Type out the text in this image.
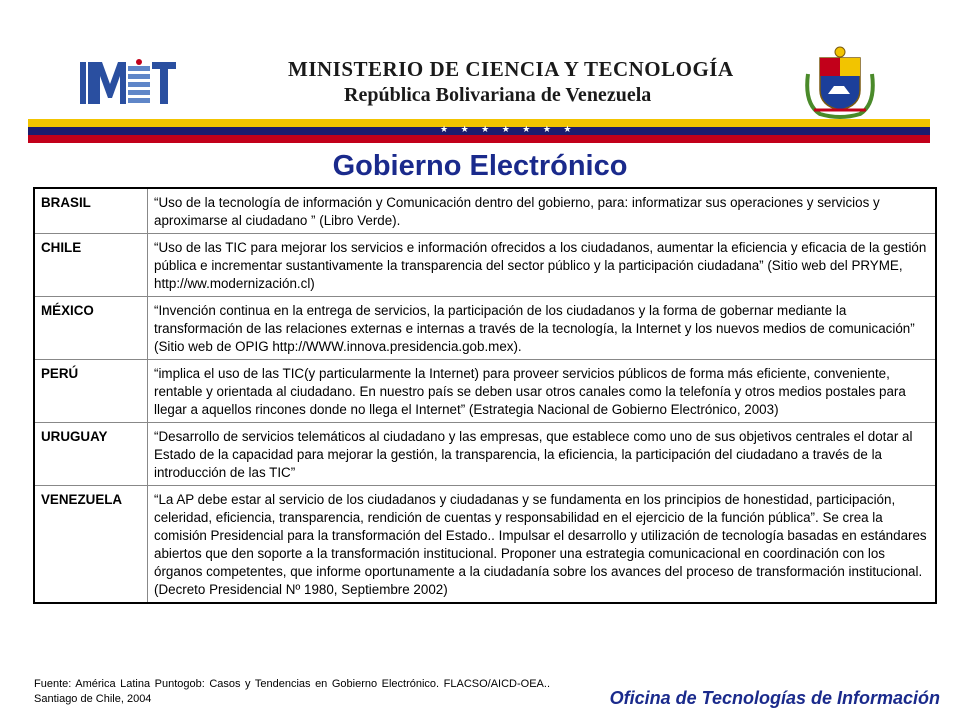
MINISTERIO DE CIENCIA Y TECNOLOGÍA
República Bolivariana de Venezuela
★ ★ ★ ★ ★ ★ ★
Gobierno Electrónico
BRASIL	“Uso de la tecnología de información y Comunicación dentro del gobierno, para: informatizar sus operaciones y servicios y aproximarse al ciudadano ” (Libro Verde).
CHILE	“Uso de las TIC para mejorar los servicios e información ofrecidos a los ciudadanos, aumentar la eficiencia y eficacia de la gestión pública e incrementar sustantivamente la transparencia del sector público y la participación ciudadana” (Sitio web del PRYME, http://ww.modernización.cl)
MÉXICO	“Invención continua en la entrega de servicios, la participación de los ciudadanos y la forma de gobernar mediante la transformación de las relaciones externas e internas a través de la tecnología, la Internet y los nuevos medios de comunicación” (Sitio web de OPIG http://WWW.innova.presidencia.gob.mex).
PERÚ	“implica el uso de las TIC(y particularmente la Internet) para proveer servicios públicos de forma más eficiente, conveniente, rentable y orientada al ciudadano. En nuestro país se deben usar otros canales como la telefonía y otros medios postales para llegar a aquellos rincones donde no llega el Internet” (Estrategia Nacional de Gobierno Electrónico, 2003)
URUGUAY	“Desarrollo de servicios telemáticos al ciudadano y las empresas, que establece como uno de sus objetivos centrales el dotar al Estado de la capacidad para mejorar la gestión, la transparencia, la eficiencia, la participación del ciudadano a través de la introducción de las TIC”
VENEZUELA	“La AP debe estar al servicio de los ciudadanos y ciudadanas y se fundamenta en los principios de honestidad, participación, celeridad, eficiencia, transparencia, rendición de cuentas y responsabilidad en el ejercicio de la función pública”. Se crea la comisión Presidencial para la transformación del Estado.. Impulsar el desarrollo y utilización de tecnología basadas en estándares abiertos que den soporte a la transformación institucional. Proponer una estrategia comunicacional en coordinación con los órganos competentes, que informe oportunamente a la ciudadanía sobre los avances del proceso de transformación institucional. (Decreto Presidencial Nº 1980, Septiembre 2002)
Fuente: América Latina Puntogob: Casos y Tendencias en Gobierno Electrónico. FLACSO/AICD-OEA.. Santiago de Chile, 2004	Oficina de Tecnologías de Información
